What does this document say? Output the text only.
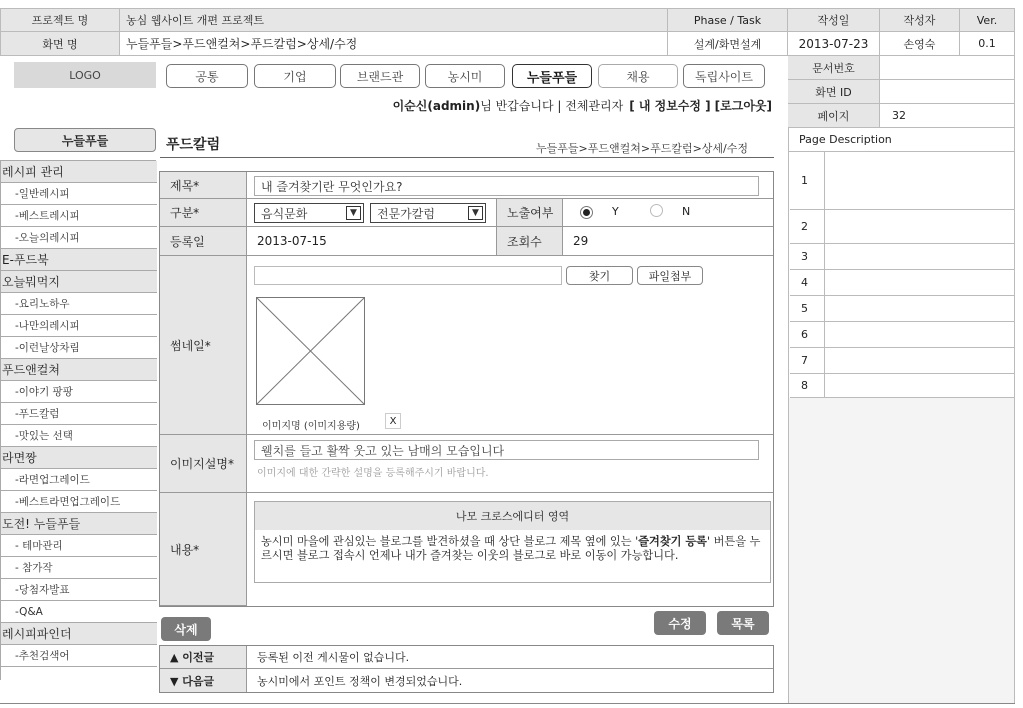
프로젝트 명	농심 웹사이트 개편 프로젝트	Phase / Task	작성일	작성자	Ver.
화면 명	누들푸들>푸드앤컬쳐>푸드칼럼>상세/수정	설계/화면설계	2013-07-23	손영숙	0.1
문서번호
화면 ID
페이지	32
LOGO	공통	기업	브랜드관	농시미	누들푸들	채용	독립사이트
이순신(admin) 님 반갑습니다 | 전체관리자 [ 내 정보수정 ] [로그아웃]
누들푸들
레시피 관리
-일반레시피
-베스트레시피
-오늘의레시피
E-푸드북
오늘뭐먹지
-요리노하우
-나만의레시피
-이런날상차림
푸드앤컬쳐
-이야기 팡팡
-푸드칼럼
-맛있는 선택
라면짱
-라면업그레이드
-베스트라면업그레이드
도전! 누들푸들
- 테마관리
- 참가작
-당첨자발표
-Q&A
레시피파인더
-추천검색어
푸드칼럼	누들푸들>푸드앤컬쳐>푸드칼럼>상세/수정
제목*	내 즐겨찾기란 무엇인가요?
구분*	음식문화	▼	전문가칼럼	▼	노출여부	Y	N
등록일	2013-07-15	조회수	29
썸네일*
찾기	파일첨부
이미지명 (이미지용량)	X
이미지설명*
웰치를 들고 활짝 웃고 있는 남매의 모습입니다
이미지에 대한 간략한 설명을 등록해주시기 바랍니다.
내용*
나모 크로스에디터 영역
농시미 마을에 관심있는 블로그를 발견하셨을 때 상단 블로그 제목 옆에 있는 '즐겨찾기 등록' 버튼을 누르시면 블로그 접속시 언제나 내가 즐겨찾는 이웃의 블로그로 바로 이동이 가능합니다.
삭제	수정	목록
▲ 이전글	등록된 이전 게시물이 없습니다.
▼ 다음글	농시미에서 포인트 정책이 변경되었습니다.
Page Description
1
2
3
4
5
6
7
8
